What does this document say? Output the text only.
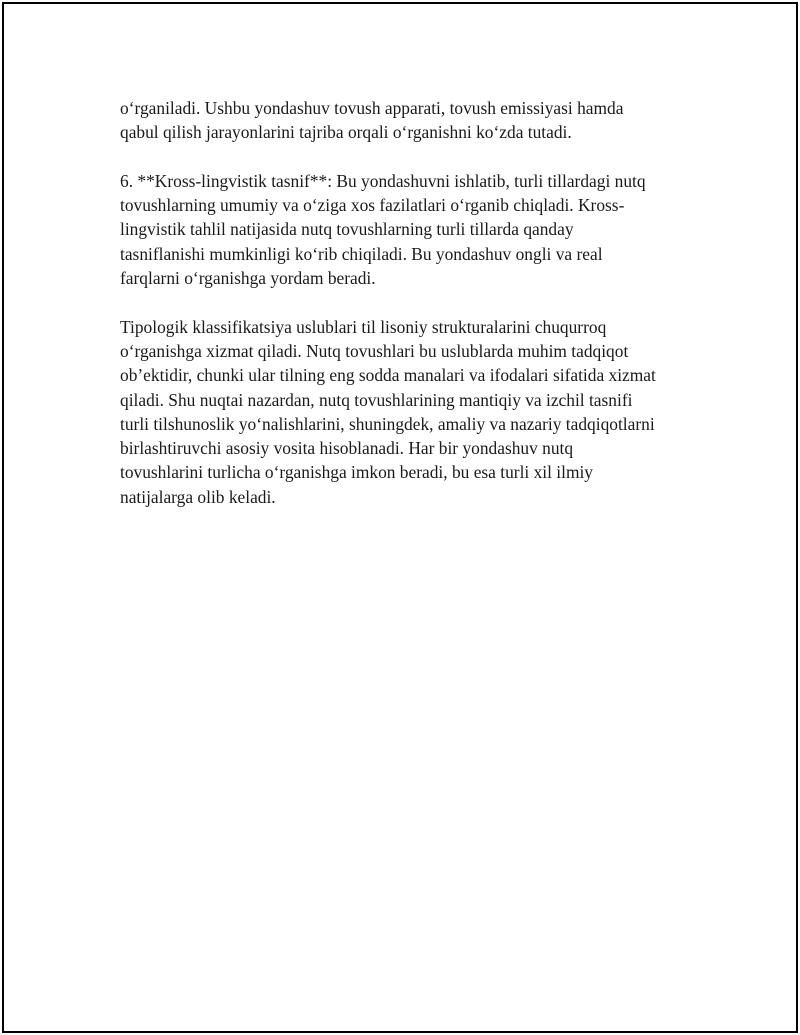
o‘rganiladi. Ushbu yondashuv tovush apparati, tovush emissiyasi hamda
qabul qilish jarayonlarini tajriba orqali o‘rganishni ko‘zda tutadi.

6. **Kross-lingvistik tasnif**: Bu yondashuvni ishlatib, turli tillardagi nutq
tovushlarning umumiy va o‘ziga xos fazilatlari o‘rganib chiqladi. Kross-
lingvistik tahlil natijasida nutq tovushlarning turli tillarda qanday
tasniflanishi mumkinligi ko‘rib chiqiladi. Bu yondashuv ongli va real
farqlarni o‘rganishga yordam beradi.

Tipologik klassifikatsiya uslublari til lisoniy strukturalarini chuqurroq
o‘rganishga xizmat qiladi. Nutq tovushlari bu uslublarda muhim tadqiqot
ob’ektidir, chunki ular tilning eng sodda manalari va ifodalari sifatida xizmat
qiladi. Shu nuqtai nazardan, nutq tovushlarining mantiqiy va izchil tasnifi
turli tilshunoslik yo‘nalishlarini, shuningdek, amaliy va nazariy tadqiqotlarni
birlashtiruvchi asosiy vosita hisoblanadi. Har bir yondashuv nutq
tovushlarini turlicha o‘rganishga imkon beradi, bu esa turli xil ilmiy
natijalarga olib keladi.
